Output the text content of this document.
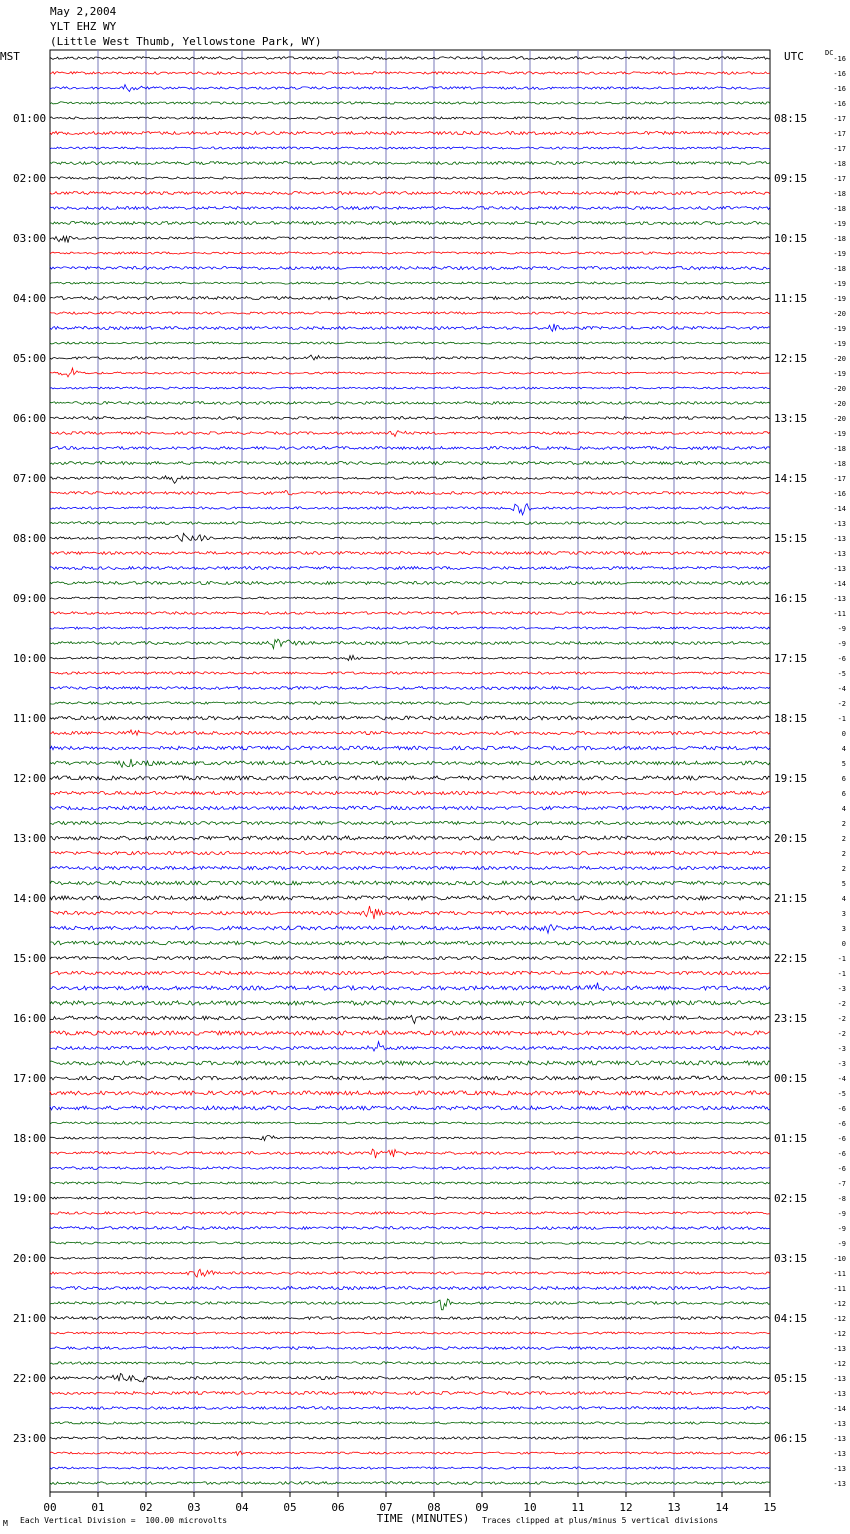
May 2,2004
YLT EHZ WY
(Little West Thumb, Yellowstone Park, WY)
MST	UTC	DC
01:00
02:00
03:00
04:00
05:00
06:00
07:00
08:00
09:00
10:00
11:00
12:00
13:00
14:00
15:00
16:00
17:00
18:00
19:00
20:00
21:00
22:00
23:00
08:15
09:15
10:15
11:15
12:15
13:15
14:15
15:15
16:15
17:15
18:15
19:15
20:15
21:15
22:15
23:15
00:15
01:15
02:15
03:15
04:15
05:15
06:15
-16
-16
-16
-16
-17
-17
-17
-18
-17
-18
-18
-19
-18
-19
-18
-19
-19
-20
-19
-19
-20
-19
-20
-20
-20
-19
-18
-18
-17
-16
-14
-13
-13
-13
-13
-14
-13
-11
-9
-9
-6
-5
-4
-2
-1
0
4
5
6
6
4
2
2
2
2
5
4
3
3
0
-1
-1
-3
-2
-2
-2
-3
-3
-4
-5
-6
-6
-6
-6
-6
-7
-8
-9
-9
-9
-10
-11
-11
-12
-12
-12
-13
-12
-13
-13
-14
-13
-13
-13
-13
-13
00	01	02	03	04	05	06	07	08	09	10	11	12	13	14	15
TIME (MINUTES)
M Each Vertical Division =  100.00 microvolts	Traces clipped at plus/minus 5 vertical divisions
